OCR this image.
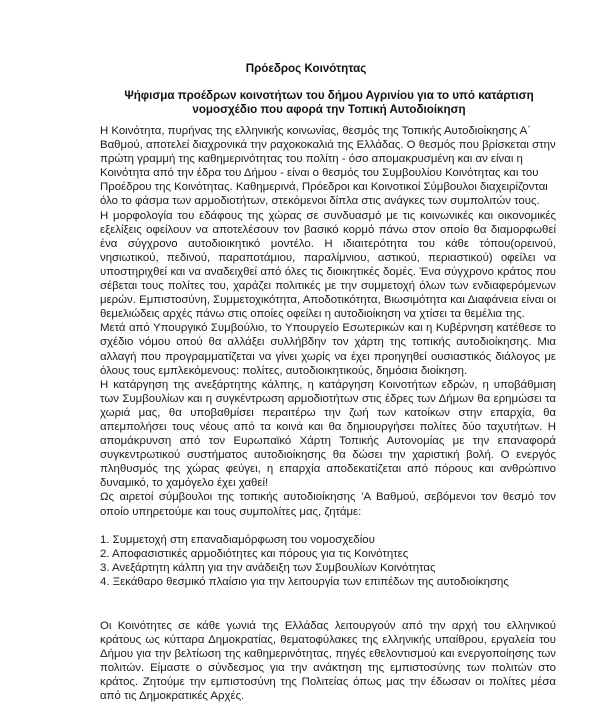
Πρόεδρος Κοινότητας
Ψήφισμα προέδρων κοινοτήτων του δήμου Αγρινίου για το υπό κατάρτιση νομοσχέδιο που αφορά την Τοπική Αυτοδιοίκηση

Η Κοινότητα, πυρήνας της ελληνικής κοινωνίας, θεσμός της Τοπικής Αυτοδιοίκησης Α΄ Βαθμού, αποτελεί διαχρονικά την ραχοκοκαλιά της Ελλάδας. Ο θεσμός που βρίσκεται στην πρώτη γραμμή της καθημερινότητας του πολίτη - όσο απομακρυσμένη και αν είναι η Κοινότητα από την έδρα του Δήμου - είναι ο θεσμός του Συμβουλίου Κοινότητας και του Προέδρου της Κοινότητας. Καθημερινά, Πρόεδροι και Κοινοτικοί Σύμβουλοι διαχειρίζονται όλο το φάσμα των αρμοδιοτήτων, στεκόμενοι δίπλα στις ανάγκες των συμπολιτών τους.

Η μορφολογία του εδάφους της χώρας σε συνδυασμό με τις κοινωνικές και οικονομικές εξελίξεις οφείλουν να αποτελέσουν τον βασικό κορμό πάνω στον οποίο θα διαμορφωθεί ένα σύγχρονο αυτοδιοικητικό μοντέλο. Η ιδιαιτερότητα του κάθε τόπου(ορεινού, νησιωτικού, πεδινού, παραποτάμιου, παραλίμνιου, αστικού, περιαστικού) οφείλει να υποστηριχθεί και να αναδειχθεί από όλες τις διοικητικές δομές. Ένα σύγχρονο κράτος που σέβεται τους πολίτες του, χαράζει πολιτικές με την συμμετοχή όλων των ενδιαφερόμενων μερών. Εμπιστοσύνη, Συμμετοχικότητα, Αποδοτικότητα, Βιωσιμότητα και Διαφάνεια είναι οι θεμελιώδεις αρχές πάνω στις οποίες οφείλει η αυτοδιοίκηση να χτίσει τα θεμέλια της.

Μετά από Υπουργικό Συμβούλιο, το Υπουργείο Εσωτερικών και η Κυβέρνηση κατέθεσε το σχέδιο νόμου οπού θα αλλάξει συλλήβδην τον χάρτη της τοπικής αυτοδιοίκησης. Μια αλλαγή που προγραμματίζεται να γίνει χωρίς να έχει προηγηθεί ουσιαστικός διάλογος με όλους τους εμπλεκόμενους: πολίτες, αυτοδιοικητικούς, δημόσια διοίκηση.

Η κατάργηση της ανεξάρτητης κάλπης, η κατάργηση Κοινοτήτων εδρών, η υποβάθμιση των Συμβουλίων και η συγκέντρωση αρμοδιοτήτων στις έδρες των Δήμων θα ερημώσει τα χωριά μας, θα υποβαθμίσει περαιτέρω την ζωή των κατοίκων στην επαρχία, θα απεμπολήσει τους νέους από τα κοινά και θα δημιουργήσει πολίτες δύο ταχυτήτων. Η απομάκρυνση από τον Ευρωπαϊκό Χάρτη Τοπικής Αυτονομίας με την επαναφορά συγκεντρωτικού συστήματος αυτοδιοίκησης θα δώσει την χαριστική βολή. Ο ενεργός πληθυσμός της χώρας φεύγει, η επαρχία αποδεκατίζεται από πόρους και ανθρώπινο δυναμικό, το χαμόγελο έχει χαθεί!

Ως αιρετοί σύμβουλοι της τοπικής αυτοδιοίκησης ’Α Βαθμού, σεβόμενοι τον θεσμό τον οποίο υπηρετούμε και τους συμπολίτες μας, ζητάμε:

1. Συμμετοχή στη επαναδιαμόρφωση του νομοσχεδίου
2. Αποφασιστικές αρμοδιότητες και πόρους για τις Κοινότητες
3. Ανεξάρτητη κάλπη για την ανάδειξη των Συμβουλίων Κοινότητας
4. Ξεκάθαρο θεσμικό πλαίσιο για την λειτουργία των επιπέδων της αυτοδιοίκησης

Οι Κοινότητες σε κάθε γωνιά της Ελλάδας λειτουργούν από την αρχή του ελληνικού κράτους ως κύτταρα Δημοκρατίας, θεματοφύλακες της ελληνικής υπαίθρου, εργαλεία του Δήμου για την βελτίωση της καθημερινότητας, πηγές εθελοντισμού και ενεργοποίησης των πολιτών. Είμαστε ο σύνδεσμος για την ανάκτηση της εμπιστοσύνης των πολιτών στο κράτος. Ζητούμε την εμπιστοσύνη της Πολιτείας όπως μας την έδωσαν οι πολίτες μέσα από τις Δημοκρατικές Αρχές.
